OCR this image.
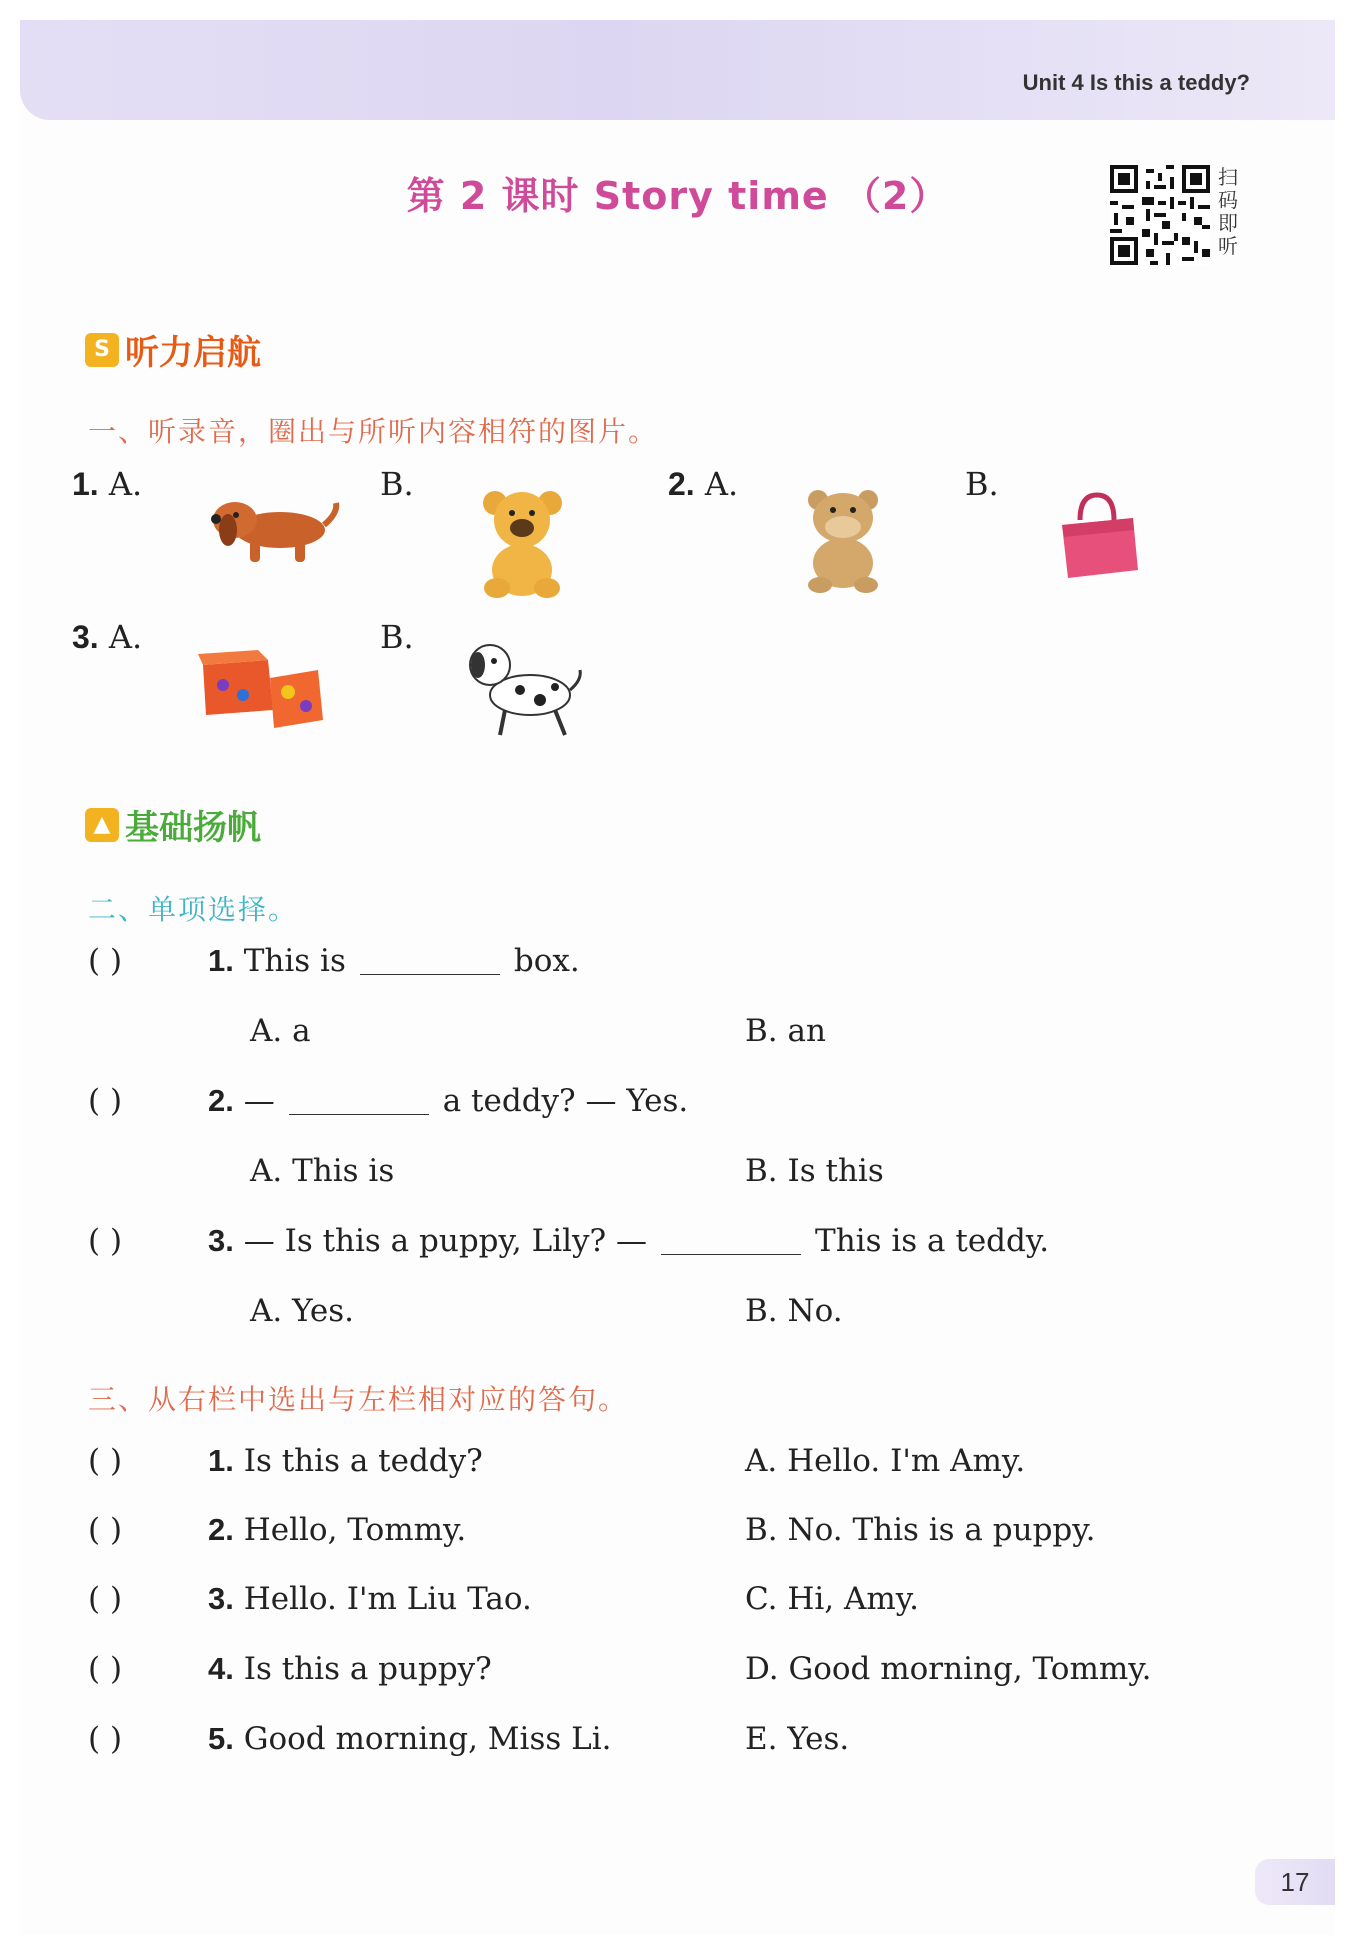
Unit 4 Is this a teddy?
第 2 课时 Story time （2）	扫码即听
S 听力启航
一、听录音，圈出与所听内容相符的图片。
1. A.	B.	2. A.	B.
3. A.	B.
▲ 基础扬帆
二、单项选择。
( )	1. This is	box.
A. a	B. an
( )	2. —	a teddy? — Yes.
A. This is	B. Is this
( )	3. — Is this a puppy, Lily? —	This is a teddy.
A. Yes.	B. No.
三、从右栏中选出与左栏相对应的答句。
( )	1. Is this a teddy?	A. Hello. I'm Amy.
( )	2. Hello, Tommy.	B. No. This is a puppy.
( )	3. Hello. I'm Liu Tao.	C. Hi, Amy.
( )	4. Is this a puppy?	D. Good morning, Tommy.
( )	5. Good morning, Miss Li.	E. Yes.
17
